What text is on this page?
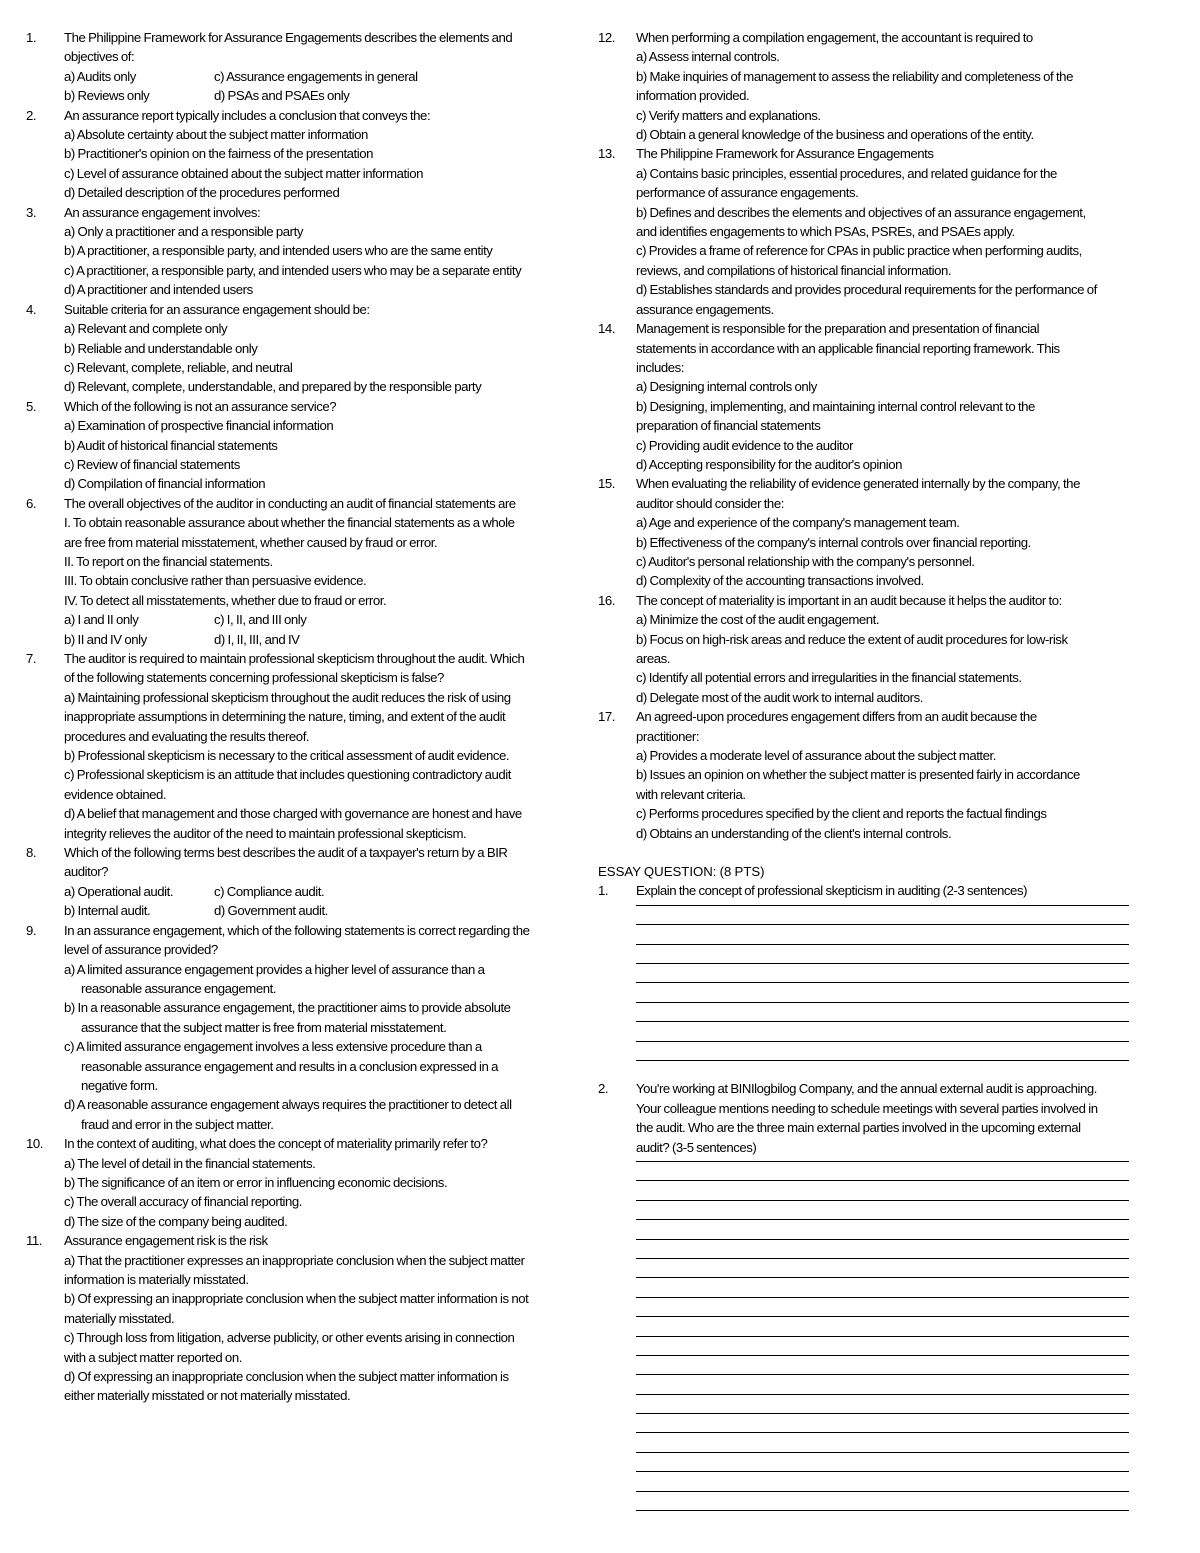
1.	The Philippine Framework for Assurance Engagements describes the elements and
objectives of:
a) Audits only	c) Assurance engagements in general
b) Reviews only	d) PSAs and PSAEs only
2.	An assurance report typically includes a conclusion that conveys the:
a) Absolute certainty about the subject matter information
b) Practitioner's opinion on the fairness of the presentation
c) Level of assurance obtained about the subject matter information
d) Detailed description of the procedures performed
3.	An assurance engagement involves:
a) Only a practitioner and a responsible party
b) A practitioner, a responsible party, and intended users who are the same entity
c) A practitioner, a responsible party, and intended users who may be a separate entity
d) A practitioner and intended users
4.	Suitable criteria for an assurance engagement should be:
a) Relevant and complete only
b) Reliable and understandable only
c) Relevant, complete, reliable, and neutral
d) Relevant, complete, understandable, and prepared by the responsible party
5.	Which of the following is not an assurance service?
a) Examination of prospective financial information
b) Audit of historical financial statements
c) Review of financial statements
d) Compilation of financial information
6.	The overall objectives of the auditor in conducting an audit of financial statements are
I. To obtain reasonable assurance about whether the financial statements as a whole
are free from material misstatement, whether caused by fraud or error.
II. To report on the financial statements.
III. To obtain conclusive rather than persuasive evidence.
IV. To detect all misstatements, whether due to fraud or error.
a) I and II only	c) I, II, and III only
b) II and IV only	d) I, II, III, and IV
7.	The auditor is required to maintain professional skepticism throughout the audit. Which
of the following statements concerning professional skepticism is false?
a) Maintaining professional skepticism throughout the audit reduces the risk of using
inappropriate assumptions in determining the nature, timing, and extent of the audit
procedures and evaluating the results thereof.
b) Professional skepticism is necessary to the critical assessment of audit evidence.
c) Professional skepticism is an attitude that includes questioning contradictory audit
evidence obtained.
d) A belief that management and those charged with governance are honest and have
integrity relieves the auditor of the need to maintain professional skepticism.
8.	Which of the following terms best describes the audit of a taxpayer's return by a BIR
auditor?
a) Operational audit.	c) Compliance audit.
b) Internal audit.	d) Government audit.
9.	In an assurance engagement, which of the following statements is correct regarding the
level of assurance provided?
a) A limited assurance engagement provides a higher level of assurance than a
reasonable assurance engagement.
b) In a reasonable assurance engagement, the practitioner aims to provide absolute
assurance that the subject matter is free from material misstatement.
c) A limited assurance engagement involves a less extensive procedure than a
reasonable assurance engagement and results in a conclusion expressed in a
negative form.
d) A reasonable assurance engagement always requires the practitioner to detect all
fraud and error in the subject matter.
10.	In the context of auditing, what does the concept of materiality primarily refer to?
a) The level of detail in the financial statements.
b) The significance of an item or error in influencing economic decisions.
c) The overall accuracy of financial reporting.
d) The size of the company being audited.
11.	Assurance engagement risk is the risk
a) That the practitioner expresses an inappropriate conclusion when the subject matter
information is materially misstated.
b) Of expressing an inappropriate conclusion when the subject matter information is not
materially misstated.
c) Through loss from litigation, adverse publicity, or other events arising in connection
with a subject matter reported on.
d) Of expressing an inappropriate conclusion when the subject matter information is
either materially misstated or not materially misstated.
12.	When performing a compilation engagement, the accountant is required to
a) Assess internal controls.
b) Make inquiries of management to assess the reliability and completeness of the
information provided.
c) Verify matters and explanations.
d) Obtain a general knowledge of the business and operations of the entity.
13.	The Philippine Framework for Assurance Engagements
a) Contains basic principles, essential procedures, and related guidance for the
performance of assurance engagements.
b) Defines and describes the elements and objectives of an assurance engagement,
and identifies engagements to which PSAs, PSREs, and PSAEs apply.
c) Provides a frame of reference for CPAs in public practice when performing audits,
reviews, and compilations of historical financial information.
d) Establishes standards and provides procedural requirements for the performance of
assurance engagements.
14.	Management is responsible for the preparation and presentation of financial
statements in accordance with an applicable financial reporting framework. This
includes:
a) Designing internal controls only
b) Designing, implementing, and maintaining internal control relevant to the
preparation of financial statements
c) Providing audit evidence to the auditor
d) Accepting responsibility for the auditor's opinion
15.	When evaluating the reliability of evidence generated internally by the company, the
auditor should consider the:
a) Age and experience of the company's management team.
b) Effectiveness of the company's internal controls over financial reporting.
c) Auditor's personal relationship with the company's personnel.
d) Complexity of the accounting transactions involved.
16.	The concept of materiality is important in an audit because it helps the auditor to:
a) Minimize the cost of the audit engagement.
b) Focus on high-risk areas and reduce the extent of audit procedures for low-risk
areas.
c) Identify all potential errors and irregularities in the financial statements.
d) Delegate most of the audit work to internal auditors.
17.	An agreed-upon procedures engagement differs from an audit because the
practitioner:
a) Provides a moderate level of assurance about the subject matter.
b) Issues an opinion on whether the subject matter is presented fairly in accordance
with relevant criteria.
c) Performs procedures specified by the client and reports the factual findings
d) Obtains an understanding of the client's internal controls.
ESSAY QUESTION: (8 PTS)
1.	Explain the concept of professional skepticism in auditing (2-3 sentences)
2.	You're working at BINIlogbilog Company, and the annual external audit is approaching.
Your colleague mentions needing to schedule meetings with several parties involved in
the audit. Who are the three main external parties involved in the upcoming external
audit? (3-5 sentences)
